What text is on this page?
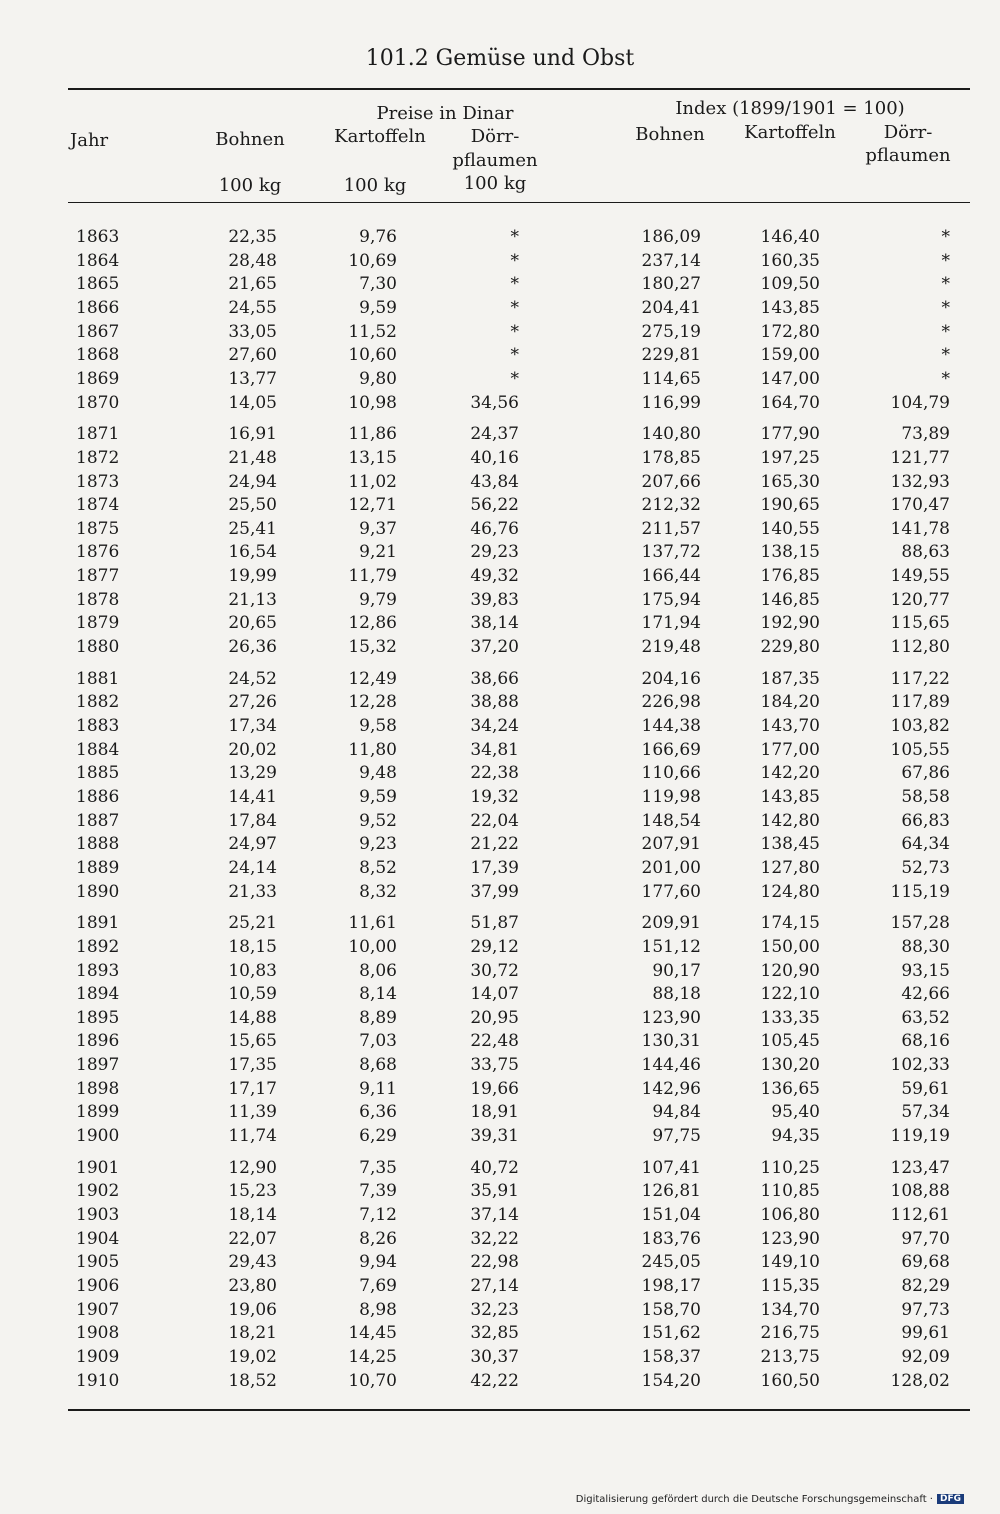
101.2 Gemüse und Obst
Jahr
Preise in Dinar	Index (1899/1901 = 100)
Bohnen	Kartoffeln	Dörr-
pflaumen
100 kg	100 kg	100 kg
Bohnen	Kartoffeln	Dörr-
pflaumen
1863	22,35	9,76	*	186,09	146,40	*
1864	28,48	10,69	*	237,14	160,35	*
1865	21,65	7,30	*	180,27	109,50	*
1866	24,55	9,59	*	204,41	143,85	*
1867	33,05	11,52	*	275,19	172,80	*
1868	27,60	10,60	*	229,81	159,00	*
1869	13,77	9,80	*	114,65	147,00	*
1870	14,05	10,98	34,56	116,99	164,70	104,79
1871	16,91	11,86	24,37	140,80	177,90	73,89
1872	21,48	13,15	40,16	178,85	197,25	121,77
1873	24,94	11,02	43,84	207,66	165,30	132,93
1874	25,50	12,71	56,22	212,32	190,65	170,47
1875	25,41	9,37	46,76	211,57	140,55	141,78
1876	16,54	9,21	29,23	137,72	138,15	88,63
1877	19,99	11,79	49,32	166,44	176,85	149,55
1878	21,13	9,79	39,83	175,94	146,85	120,77
1879	20,65	12,86	38,14	171,94	192,90	115,65
1880	26,36	15,32	37,20	219,48	229,80	112,80
1881	24,52	12,49	38,66	204,16	187,35	117,22
1882	27,26	12,28	38,88	226,98	184,20	117,89
1883	17,34	9,58	34,24	144,38	143,70	103,82
1884	20,02	11,80	34,81	166,69	177,00	105,55
1885	13,29	9,48	22,38	110,66	142,20	67,86
1886	14,41	9,59	19,32	119,98	143,85	58,58
1887	17,84	9,52	22,04	148,54	142,80	66,83
1888	24,97	9,23	21,22	207,91	138,45	64,34
1889	24,14	8,52	17,39	201,00	127,80	52,73
1890	21,33	8,32	37,99	177,60	124,80	115,19
1891	25,21	11,61	51,87	209,91	174,15	157,28
1892	18,15	10,00	29,12	151,12	150,00	88,30
1893	10,83	8,06	30,72	90,17	120,90	93,15
1894	10,59	8,14	14,07	88,18	122,10	42,66
1895	14,88	8,89	20,95	123,90	133,35	63,52
1896	15,65	7,03	22,48	130,31	105,45	68,16
1897	17,35	8,68	33,75	144,46	130,20	102,33
1898	17,17	9,11	19,66	142,96	136,65	59,61
1899	11,39	6,36	18,91	94,84	95,40	57,34
1900	11,74	6,29	39,31	97,75	94,35	119,19
1901	12,90	7,35	40,72	107,41	110,25	123,47
1902	15,23	7,39	35,91	126,81	110,85	108,88
1903	18,14	7,12	37,14	151,04	106,80	112,61
1904	22,07	8,26	32,22	183,76	123,90	97,70
1905	29,43	9,94	22,98	245,05	149,10	69,68
1906	23,80	7,69	27,14	198,17	115,35	82,29
1907	19,06	8,98	32,23	158,70	134,70	97,73
1908	18,21	14,45	32,85	151,62	216,75	99,61
1909	19,02	14,25	30,37	158,37	213,75	92,09
1910	18,52	10,70	42,22	154,20	160,50	128,02
Digitalisierung gefördert durch die Deutsche Forschungsgemeinschaft · DFG
